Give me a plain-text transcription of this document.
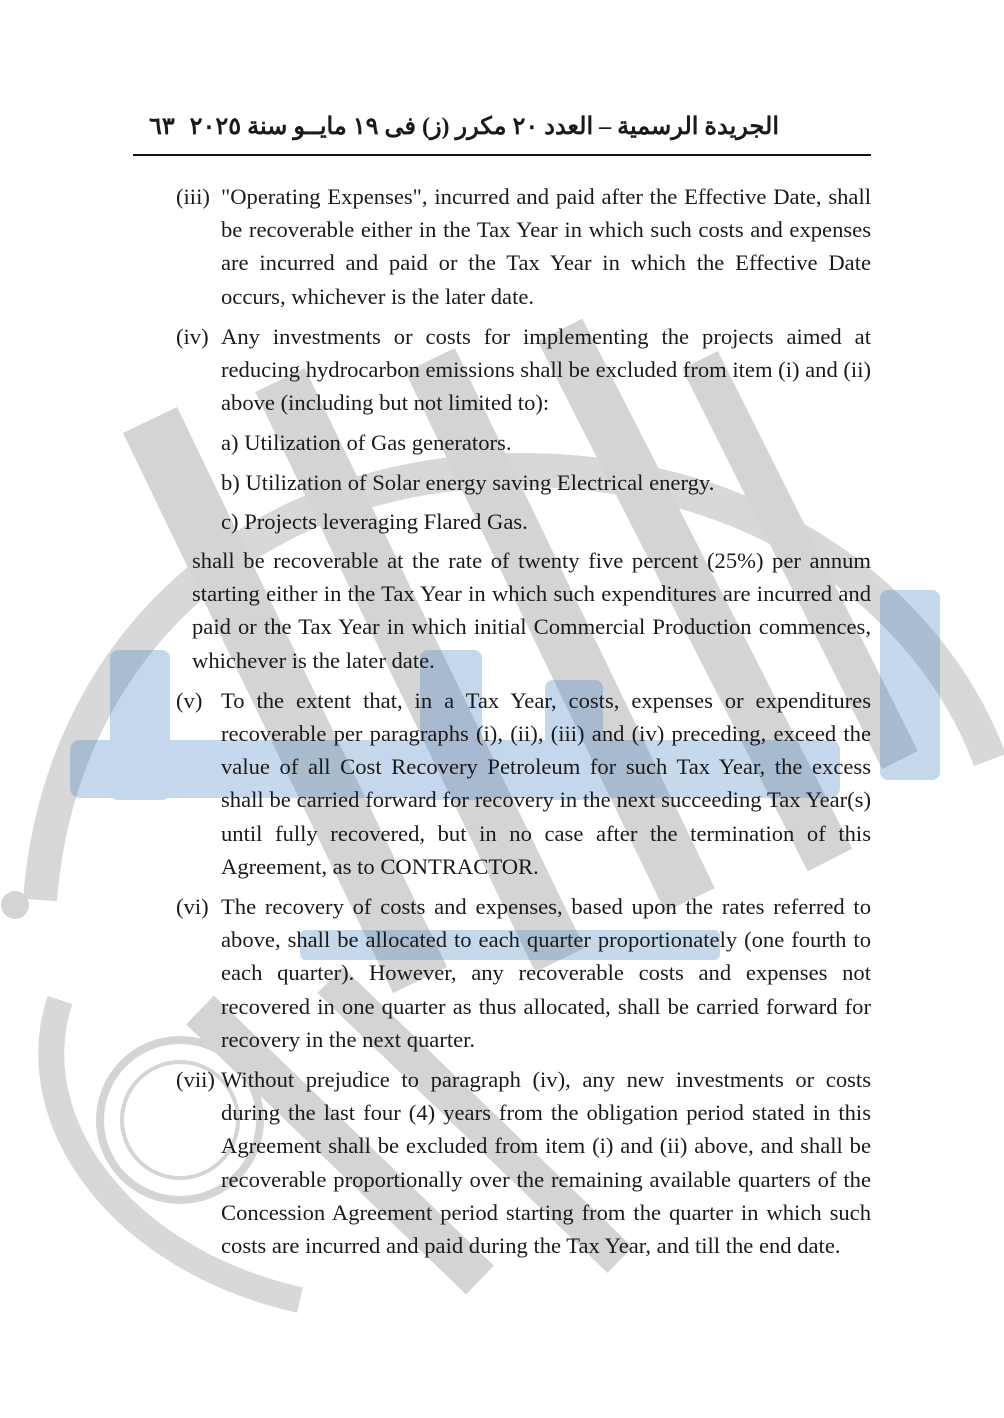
٦٣ الجريدة الرسمية – العدد ٢٠ مكرر (ز) فى ١٩ مايــو سنة ٢٠٢٥
(iii) "Operating Expenses", incurred and paid after the Effective Date, shall be recoverable either in the Tax Year in which such costs and expenses are incurred and paid or the Tax Year in which the Effective Date occurs, whichever is the later date.
(iv) Any investments or costs for implementing the projects aimed at reducing hydrocarbon emissions shall be excluded from item (i) and (ii) above (including but not limited to):
a) Utilization of Gas generators.
b) Utilization of Solar energy saving Electrical energy.
c) Projects leveraging Flared Gas.
shall be recoverable at the rate of twenty five percent (25%) per annum starting either in the Tax Year in which such expenditures are incurred and paid or the Tax Year in which initial Commercial Production commences, whichever is the later date.
(v) To the extent that, in a Tax Year, costs, expenses or expenditures recoverable per paragraphs (i), (ii), (iii) and (iv) preceding, exceed the value of all Cost Recovery Petroleum for such Tax Year, the excess shall be carried forward for recovery in the next succeeding Tax Year(s) until fully recovered, but in no case after the termination of this Agreement, as to CONTRACTOR.
(vi) The recovery of costs and expenses, based upon the rates referred to above, shall be allocated to each quarter proportionately (one fourth to each quarter). However, any recoverable costs and expenses not recovered in one quarter as thus allocated, shall be carried forward for recovery in the next quarter.
(vii) Without prejudice to paragraph (iv), any new investments or costs during the last four (4) years from the obligation period stated in this Agreement shall be excluded from item (i) and (ii) above, and shall be recoverable proportionally over the remaining available quarters of the Concession Agreement period starting from the quarter in which such costs are incurred and paid during the Tax Year, and till the end date.
